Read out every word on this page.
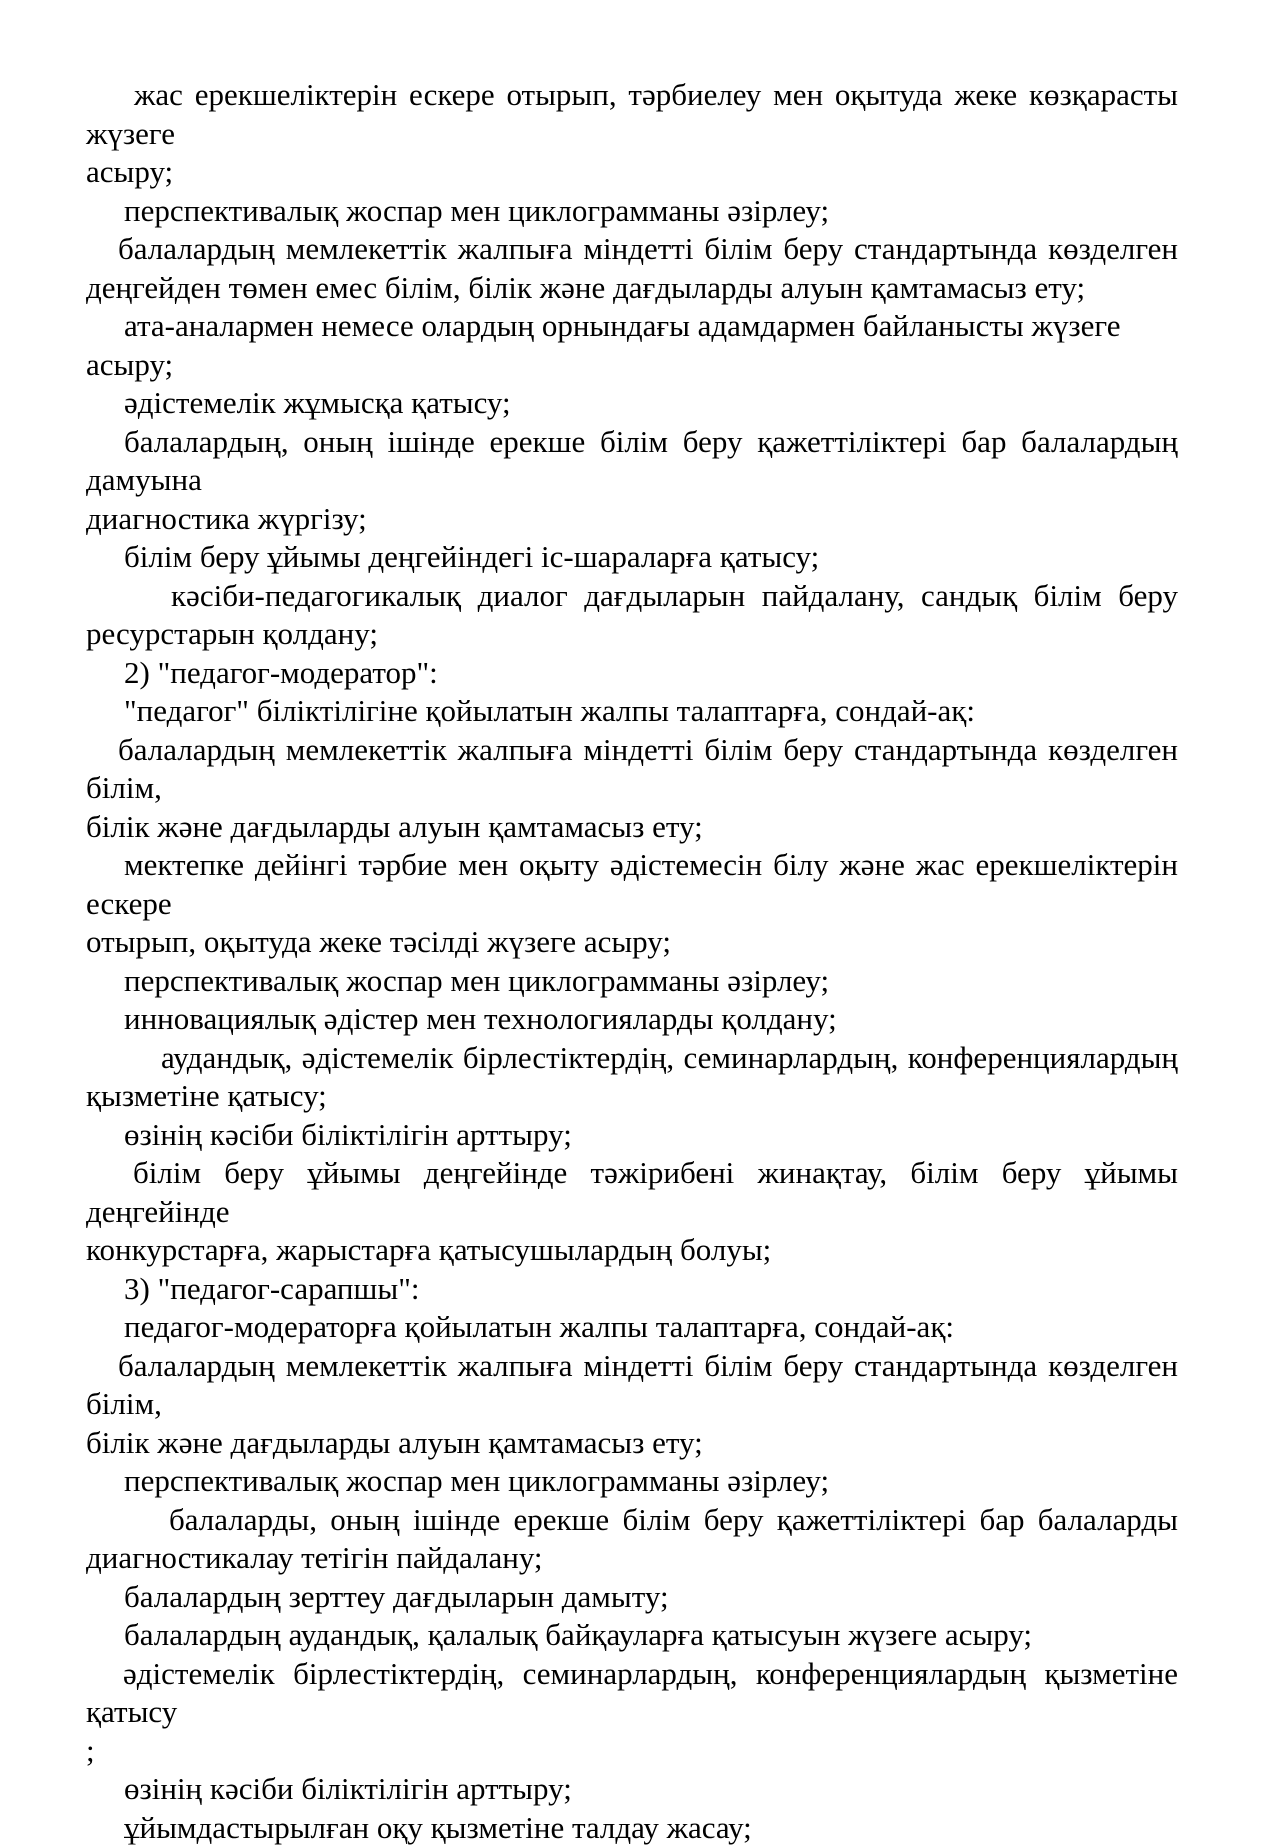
жас ерекшеліктерін ескере отырып, тәрбиелеу мен оқытуда жеке көзқарасты жүзеге
асыру;
перспективалық жоспар мен циклограмманы әзірлеу;
балалардың мемлекеттік жалпыға міндетті білім беру стандартында көзделген
деңгейден төмен емес білім, білік және дағдыларды алуын қамтамасыз ету;
ата-аналармен немесе олардың орнындағы адамдармен байланысты жүзеге асыру;
әдістемелік жұмысқа қатысу;
балалардың, оның ішінде ерекше білім беру қажеттіліктері бар балалардың дамуына
диагностика жүргізу;
білім беру ұйымы деңгейіндегі іс-шараларға қатысу;
кәсіби-педагогикалық диалог дағдыларын пайдалану, сандық білім беру
ресурстарын қолдану;
2) "педагог-модератор":
"педагог" біліктілігіне қойылатын жалпы талаптарға, сондай-ақ:
балалардың мемлекеттік жалпыға міндетті білім беру стандартында көзделген білім,
білік және дағдыларды алуын қамтамасыз ету;
мектепке дейінгі тәрбие мен оқыту әдістемесін білу және жас ерекшеліктерін ескере
отырып, оқытуда жеке тәсілді жүзеге асыру;
перспективалық жоспар мен циклограмманы әзірлеу;
инновациялық әдістер мен технологияларды қолдану;
аудандық, әдістемелік бірлестіктердің, семинарлардың, конференциялардың
қызметіне қатысу;
өзінің кәсіби біліктілігін арттыру;
білім беру ұйымы деңгейінде тәжірибені жинақтау, білім беру ұйымы деңгейінде
конкурстарға, жарыстарға қатысушылардың болуы;
3) "педагог-сарапшы":
педагог-модераторға қойылатын жалпы талаптарға, сондай-ақ:
балалардың мемлекеттік жалпыға міндетті білім беру стандартында көзделген білім,
білік және дағдыларды алуын қамтамасыз ету;
перспективалық жоспар мен циклограмманы әзірлеу;
балаларды, оның ішінде ерекше білім беру қажеттіліктері бар балаларды
диагностикалау тетігін пайдалану;
балалардың зерттеу дағдыларын дамыту;
балалардың аудандық, қалалық байқауларға қатысуын жүзеге асыру;
әдістемелік бірлестіктердің, семинарлардың, конференциялардың қызметіне қатысу
;
өзінің кәсіби біліктілігін арттыру;
ұйымдастырылған оқу қызметіне талдау жасау;
